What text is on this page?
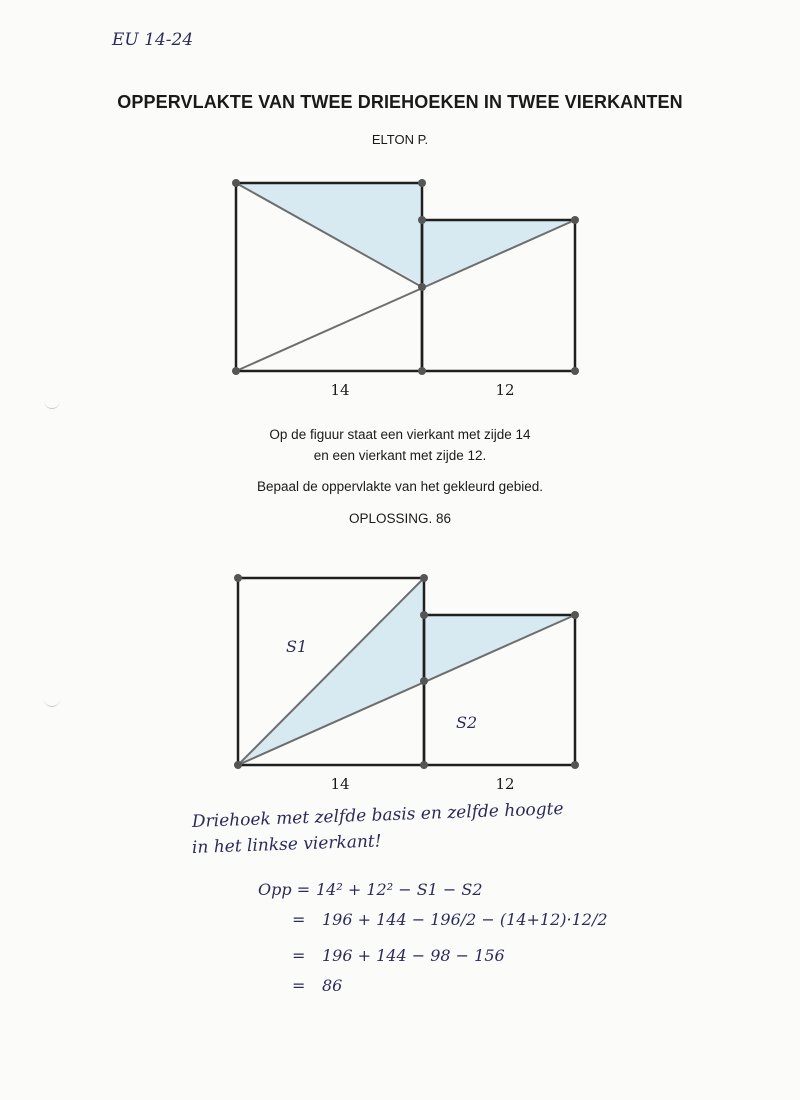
EU 14-24
OPPERVLAKTE VAN TWEE DRIEHOEKEN IN TWEE VIERKANTEN
ELTON P.
14	12
S1
S2
14	12
Op de figuur staat een vierkant met zijde 14
en een vierkant met zijde 12.
Bepaal de oppervlakte van het gekleurd gebied.
OPLOSSING. 86
Driehoek met zelfde basis en zelfde hoogte
in het linkse vierkant!
Opp = 14² + 12² − S1 − S2
= 196 + 144 − 196/2 − (14+12)·12/2
= 196 + 144 − 98 − 156
= 86
